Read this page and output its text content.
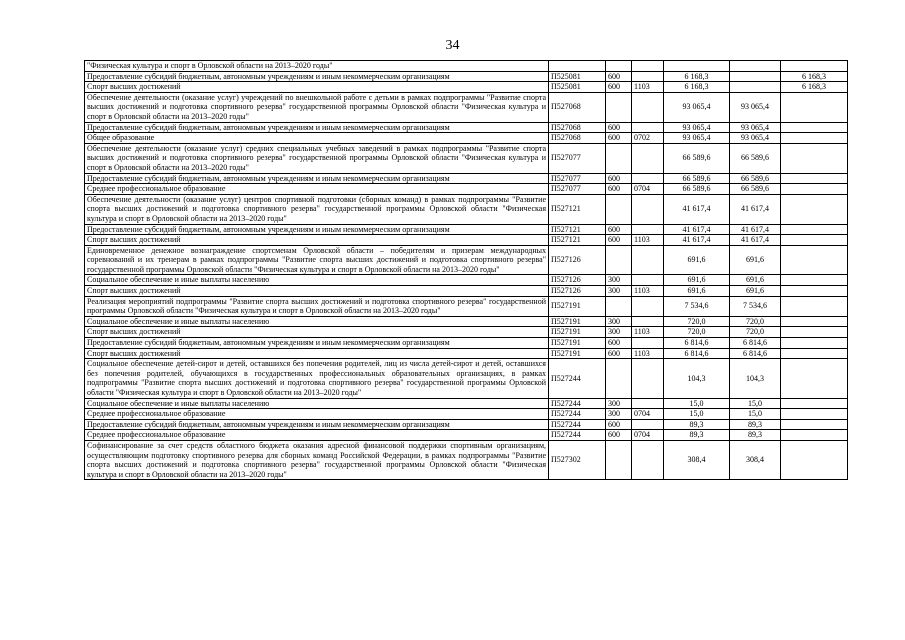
34
"Физическая культура и спорт в Орловской области на 2013–2020 годы"						
Предоставление субсидий бюджетным, автономным учреждениям и иным некоммерческим организациям	П525081	600		6 168,3		6 168,3
Спорт высших достижений	П525081	600	1103	6 168,3		6 168,3
Обеспечение деятельности (оказание услуг) учреждений по внешкольной работе с детьми в рамках подпрограммы "Развитие спорта высших достижений и подготовка спортивного резерва" государственной программы Орловской области "Физическая культура и спорт в Орловской области на 2013–2020 годы"	П527068			93 065,4	93 065,4	
Предоставление субсидий бюджетным, автономным учреждениям и иным некоммерческим организациям	П527068	600		93 065,4	93 065,4	
Общее образование	П527068	600	0702	93 065,4	93 065,4	
Обеспечение деятельности (оказание услуг) средних специальных учебных заведений в рамках подпрограммы "Развитие спорта высших достижений и подготовка спортивного резерва" государственной программы Орловской области "Физическая культура и спорт в Орловской области на 2013–2020 годы"	П527077			66 589,6	66 589,6	
Предоставление субсидий бюджетным, автономным учреждениям и иным некоммерческим организациям	П527077	600		66 589,6	66 589,6	
Среднее профессиональное образование	П527077	600	0704	66 589,6	66 589,6	
Обеспечение деятельности (оказание услуг) центров спортивной подготовки (сборных команд) в рамках подпрограммы "Развитие спорта высших достижений и подготовка спортивного резерва" государственной программы Орловской области "Физическая культура и спорт в Орловской области на 2013–2020 годы"	П527121			41 617,4	41 617,4	
Предоставление субсидий бюджетным, автономным учреждениям и иным некоммерческим организациям	П527121	600		41 617,4	41 617,4	
Спорт высших достижений	П527121	600	1103	41 617,4	41 617,4	
Единовременное денежное вознаграждение спортсменам Орловской области – победителям и призерам международных соревнований и их тренерам в рамках подпрограммы "Развитие спорта высших достижений и подготовка спортивного резерва" государственной программы Орловской области "Физическая культура и спорт в Орловской области на 2013–2020 годы"	П527126			691,6	691,6	
Социальное обеспечение и иные выплаты населению	П527126	300		691,6	691,6	
Спорт высших достижений	П527126	300	1103	691,6	691,6	
Реализация мероприятий подпрограммы "Развитие спорта высших достижений и подготовка спортивного резерва" государственной программы Орловской области "Физическая культура и спорт в Орловской области на 2013–2020 годы"	П527191			7 534,6	7 534,6	
Социальное обеспечение и иные выплаты населению	П527191	300		720,0	720,0	
Спорт высших достижений	П527191	300	1103	720,0	720,0	
Предоставление субсидий бюджетным, автономным учреждениям и иным некоммерческим организациям	П527191	600		6 814,6	6 814,6	
Спорт высших достижений	П527191	600	1103	6 814,6	6 814,6	
Социальное обеспечение детей-сирот и детей, оставшихся без попечения родителей, лиц из числа детей-сирот и детей, оставшихся без попечения родителей, обучающихся в государственных профессиональных образовательных организациях, в рамках подпрограммы "Развитие спорта высших достижений и подготовка спортивного резерва" государственной программы Орловской области "Физическая культура и спорт в Орловской области на 2013–2020 годы"	П527244			104,3	104,3	
Социальное обеспечение и иные выплаты населению	П527244	300		15,0	15,0	
Среднее профессиональное образование	П527244	300	0704	15,0	15,0	
Предоставление субсидий бюджетным, автономным учреждениям и иным некоммерческим организациям	П527244	600		89,3	89,3	
Среднее профессиональное образование	П527244	600	0704	89,3	89,3	
Софинансирование за счет средств областного бюджета оказания адресной финансовой поддержки спортивным организациям, осуществляющим подготовку спортивного резерва для сборных команд Российской Федерации, в рамках подпрограммы "Развитие спорта высших достижений и подготовка спортивного резерва" государственной программы Орловской области "Физическая культура и спорт в Орловской области на 2013–2020 годы"	П527302			308,4	308,4	
